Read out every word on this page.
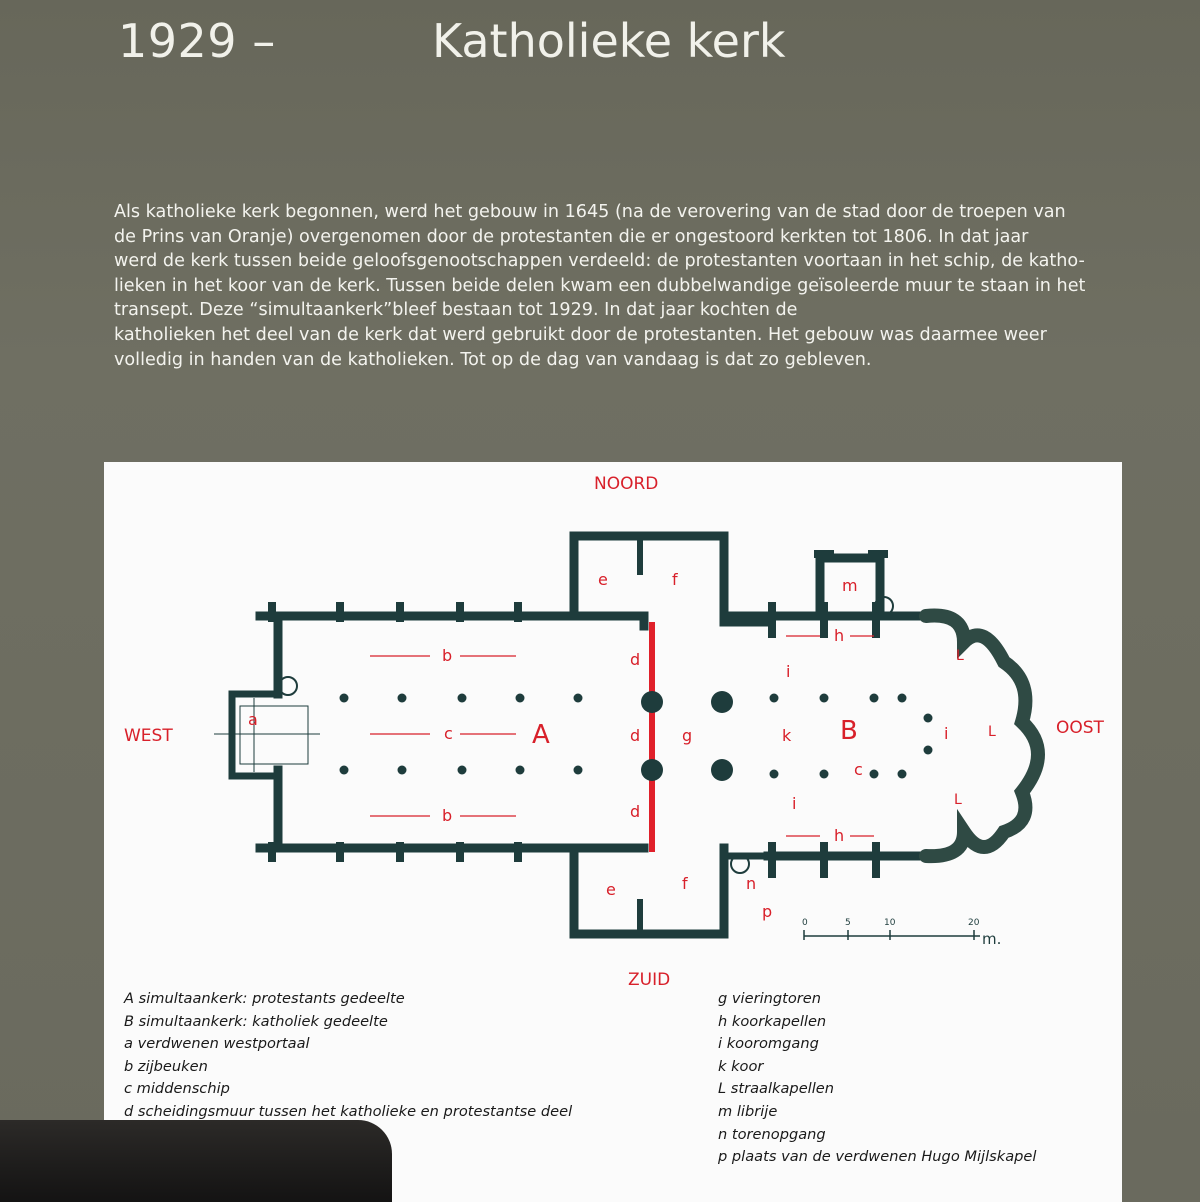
1929 –	Katholieke kerk
Als katholieke kerk begonnen, werd het gebouw in 1645 (na de verovering van de stad door de troepen van
de Prins van Oranje) overgenomen door de protestanten die er ongestoord kerkten tot 1806. In dat jaar
werd de kerk tussen beide geloofsgenootschappen verdeeld: de protestanten voortaan in het schip, de katho-
lieken in het koor van de kerk. Tussen beide delen kwam een dubbelwandige geïsoleerde muur te staan in het
transept. Deze “simultaankerk”bleef bestaan tot 1929. In dat jaar kochten de
katholieken het deel van de kerk dat werd gebruikt door de protestanten. Het gebouw was daarmee weer
volledig in handen van de katholieken. Tot op de dag van vandaag is dat zo gebleven.
NOORD
ZUID
WEST	OOST
A	B
a
b
c
b
d
d
d
e	f
e	f
g	k
m
h
h
i
i
i
c
L
L
L
n
p
0	5	10	20
m.
A simultaankerk: protestants gedeelte
B simultaankerk: katholiek gedeelte
a verdwenen westportaal
b zijbeuken
c middenschip
d scheidingsmuur tussen het katholieke en protestantse deel
g vieringtoren
h koorkapellen
i kooromgang
k koor
L straalkapellen
m librije
n torenopgang
p plaats van de verdwenen Hugo Mijlskapel
